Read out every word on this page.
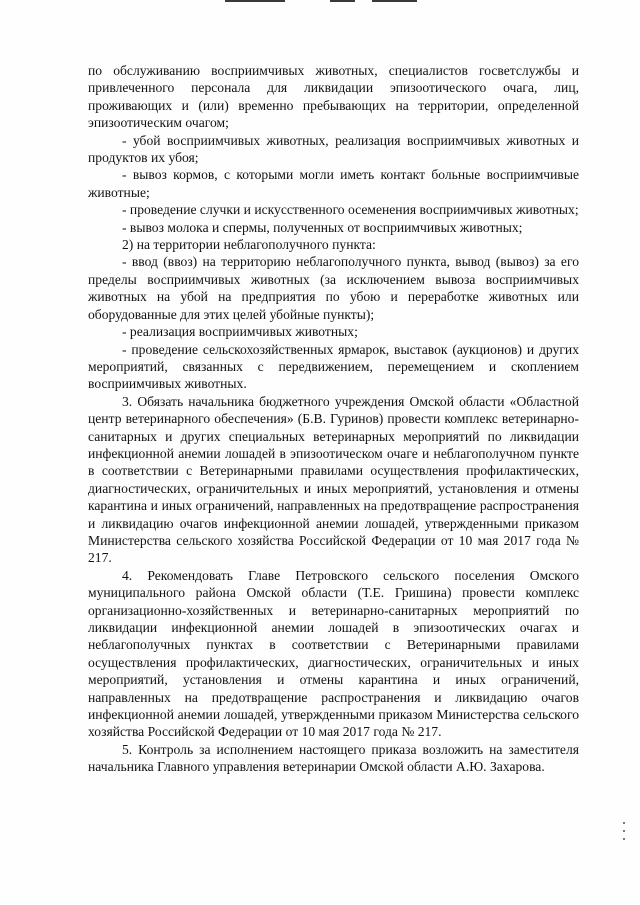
по обслуживанию восприимчивых животных, специалистов госветслужбы и привлеченного персонала для ликвидации эпизоотического очага, лиц, проживающих и (или) временно пребывающих на территории, определенной эпизоотическим очагом;

- убой восприимчивых животных, реализация восприимчивых животных и продуктов их убоя;

- вывоз кормов, с которыми могли иметь контакт больные восприимчивые животные;

- проведение случки и искусственного осеменения восприимчивых животных;

- вывоз молока и спермы, полученных от восприимчивых животных;

2) на территории неблагополучного пункта:

- ввод (ввоз) на территорию неблагополучного пункта, вывод (вывоз) за его пределы восприимчивых животных (за исключением вывоза восприимчивых животных на убой на предприятия по убою и переработке животных или оборудованные для этих целей убойные пункты);

- реализация восприимчивых животных;

- проведение сельскохозяйственных ярмарок, выставок (аукционов) и других мероприятий, связанных с передвижением, перемещением и скоплением восприимчивых животных.

3. Обязать начальника бюджетного учреждения Омской области «Областной центр ветеринарного обеспечения» (Б.В. Гуринов) провести комплекс ветеринарно-санитарных и других специальных ветеринарных мероприятий по ликвидации инфекционной анемии лошадей в эпизоотическом очаге и неблагополучном пункте в соответствии с Ветеринарными правилами осуществления профилактических, диагностических, ограничительных и иных мероприятий, установления и отмены карантина и иных ограничений, направленных на предотвращение распространения и ликвидацию очагов инфекционной анемии лошадей, утвержденными приказом Министерства сельского хозяйства Российской Федерации от 10 мая 2017 года № 217.

4. Рекомендовать Главе Петровского сельского поселения Омского муниципального района Омской области (Т.Е. Гришина) провести комплекс организационно-хозяйственных и ветеринарно-санитарных мероприятий по ликвидации инфекционной анемии лошадей в эпизоотических очагах и неблагополучных пунктах в соответствии с Ветеринарными правилами осуществления профилактических, диагностических, ограничительных и иных мероприятий, установления и отмены карантина и иных ограничений, направленных на предотвращение распространения и ликвидацию очагов инфекционной анемии лошадей, утвержденными приказом Министерства сельского хозяйства Российской Федерации от 10 мая 2017 года № 217.

5. Контроль за исполнением настоящего приказа возложить на заместителя начальника Главного управления ветеринарии Омской области А.Ю. Захарова.
